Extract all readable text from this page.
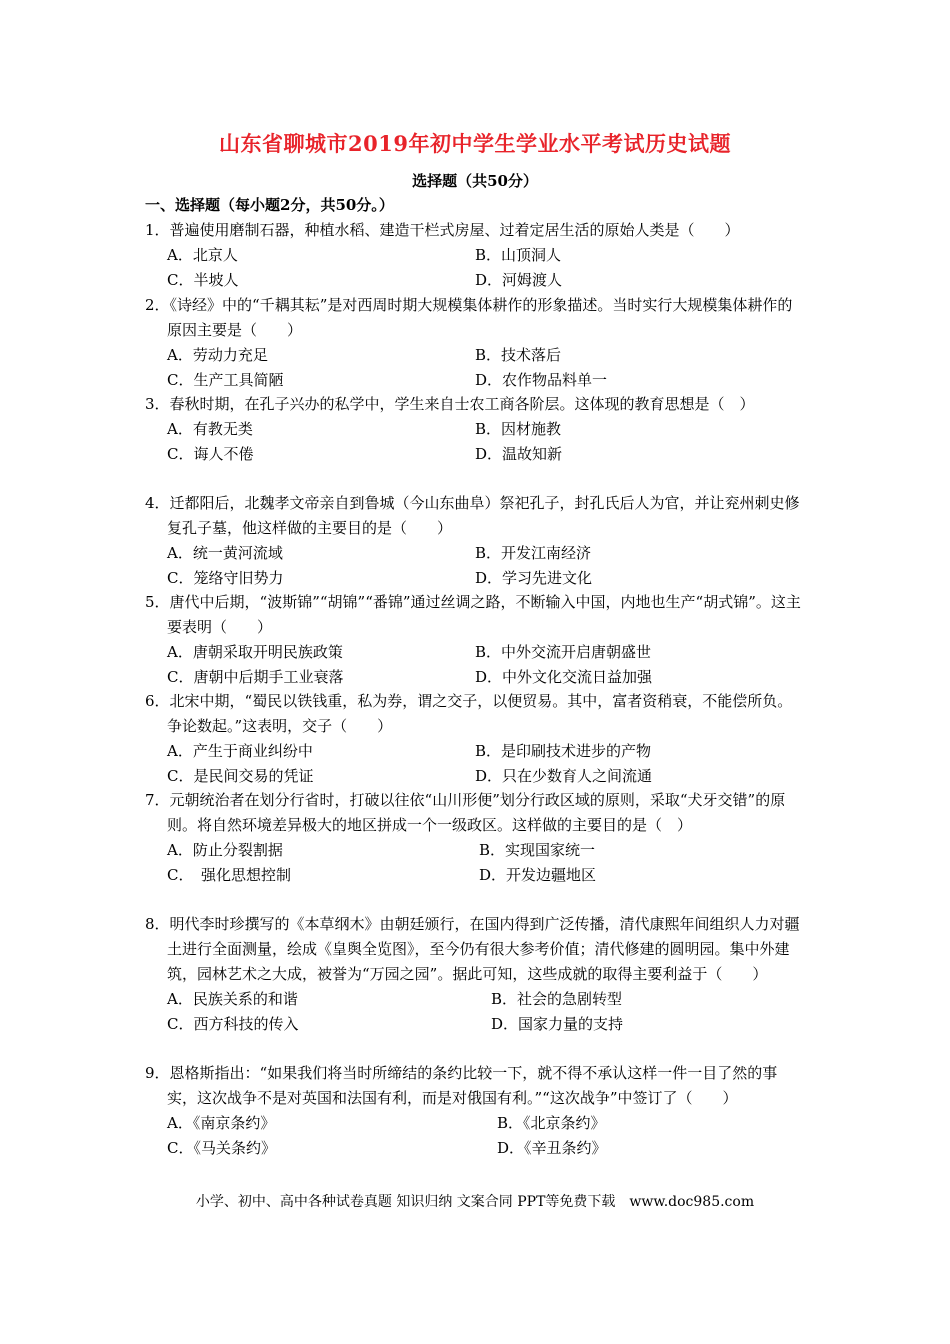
山东省聊城市2019年初中学生学业水平考试历史试题
选择题（共50分）
一、选择题（每小题2分，共50分。）
1．普遍使用磨制石器，种植水稻、建造干栏式房屋、过着定居生活的原始人类是（　　）
A．北京人	B．山顶洞人
C．半坡人	D．河姆渡人
2．《诗经》中的“千耦其耘”是对西周时期大规模集体耕作的形象描述。当时实行大规模集体耕作的原因主要是（　　）
A．劳动力充足	B．技术落后
C．生产工具简陋	D．农作物品料单一
3．春秋时期，在孔子兴办的私学中，学生来自士农工商各阶层。这体现的教育思想是（　）
A．有教无类	B．因材施教
C．诲人不倦	D．温故知新
4．迁都阳后，北魏孝文帝亲自到鲁城（今山东曲阜）祭祀孔子，封孔氏后人为官，并让兖州刺史修复孔子墓，他这样做的主要目的是（　　）
A．统一黄河流域	B．开发江南经济
C．笼络守旧势力	D．学习先进文化
5．唐代中后期，“波斯锦”“胡锦”“番锦”通过丝调之路，不断输入中国，内地也生产“胡式锦”。这主要表明（　　）
A．唐朝采取开明民族政策	B．中外交流开启唐朝盛世
C．唐朝中后期手工业衰落	D．中外文化交流日益加强
6．北宋中期，“蜀民以铁钱重，私为券，谓之交子，以便贸易。其中，富者资稍衰，不能偿所负。争论数起。”这表明，交子（　　）
A．产生于商业纠纷中	B．是印刷技术进步的产物
C．是民间交易的凭证	D．只在少数育人之间流通
7．元朝统治者在划分行省时，打破以往依“山川形便”划分行政区域的原则，采取“犬牙交错”的原则。将自然环境差异极大的地区拼成一个一级政区。这样做的主要目的是（　）
A．防止分裂割据	B．实现国家统一
C．　强化思想控制	D．开发边疆地区
8．明代李时珍撰写的《本草纲木》由朝廷颁行，在国内得到广泛传播，清代康熙年间组织人力对疆土进行全面测量，绘成《皇舆全览图》，至今仍有很大参考价值；清代修建的圆明园。集中外建筑，园林艺术之大成，被誉为“万园之园”。据此可知，这些成就的取得主要利益于（　　）
A．民族关系的和谐	B．社会的急剧转型
C．西方科技的传入	D．国家力量的支持
9．恩格斯指出：“如果我们将当时所缔结的条约比较一下，就不得不承认这样一件一目了然的事实，这次战争不是对英国和法国有利，而是对俄国有利。”“这次战争”中签订了（　　）
A．《南京条约》	B．《北京条约》
C．《马关条约》	D．《辛丑条约》
小学、初中、高中各种试卷真题 知识归纳 文案合同 PPT等免费下载　www.doc985.com
